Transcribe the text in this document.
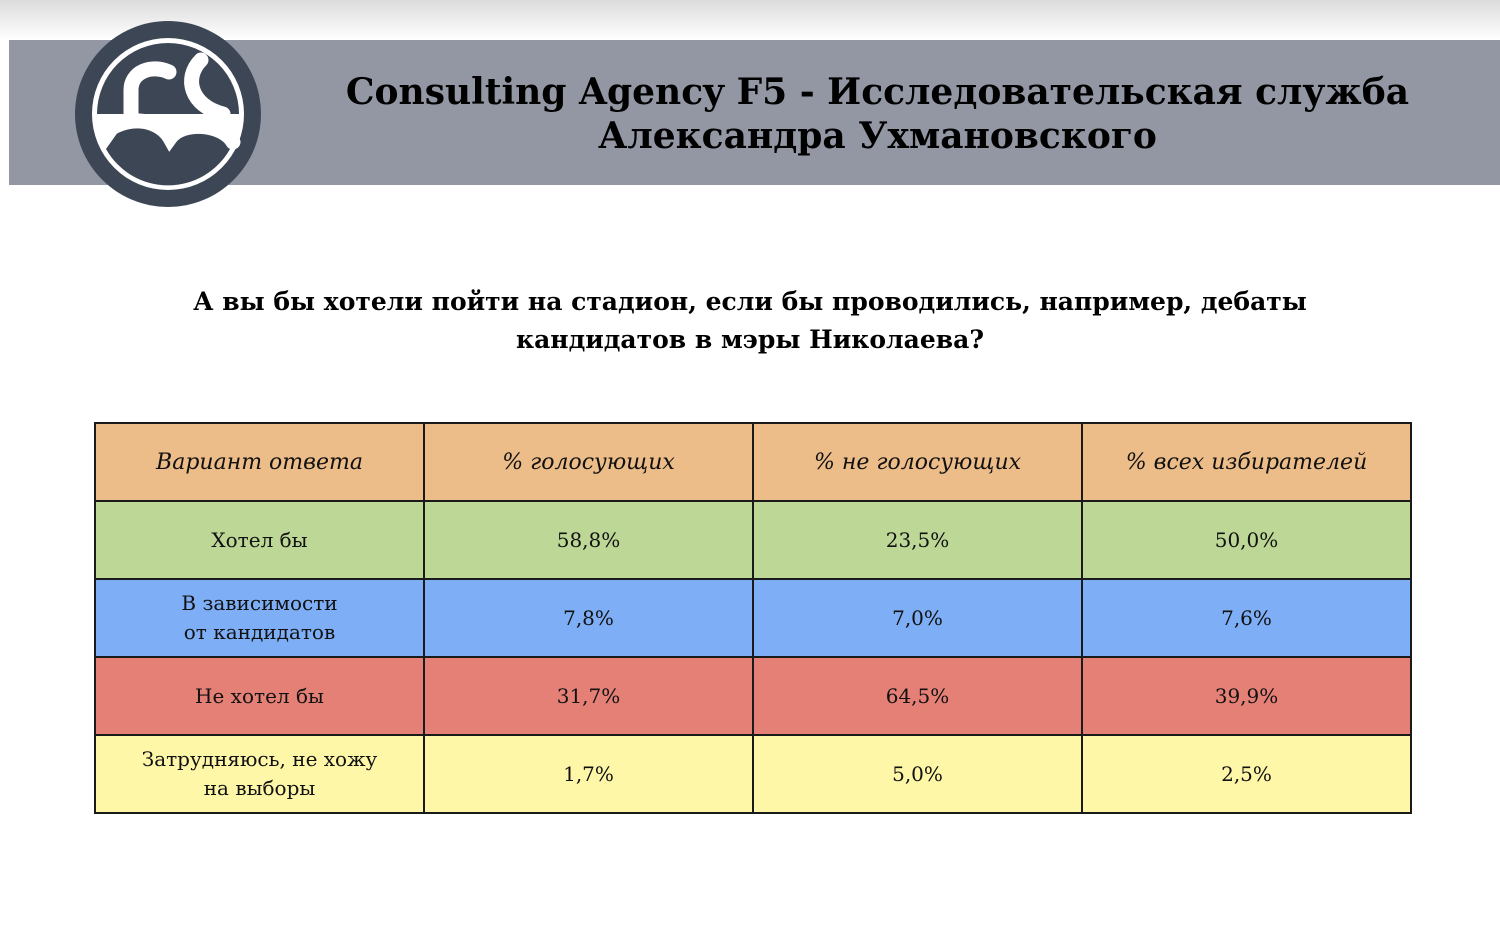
Consulting Agency F5 - Исследовательская служба
Александра Ухмановского
А вы бы хотели пойти на стадион, если бы проводились, например, дебаты
кандидатов в мэры Николаева?
Вариант ответа	% голосующих	% не голосующих	% всех избирателей
Хотел бы	58,8%	23,5%	50,0%
В зависимости
от кандидатов	7,8%	7,0%	7,6%
Не хотел бы	31,7%	64,5%	39,9%
Затрудняюсь, не хожу
на выборы	1,7%	5,0%	2,5%
